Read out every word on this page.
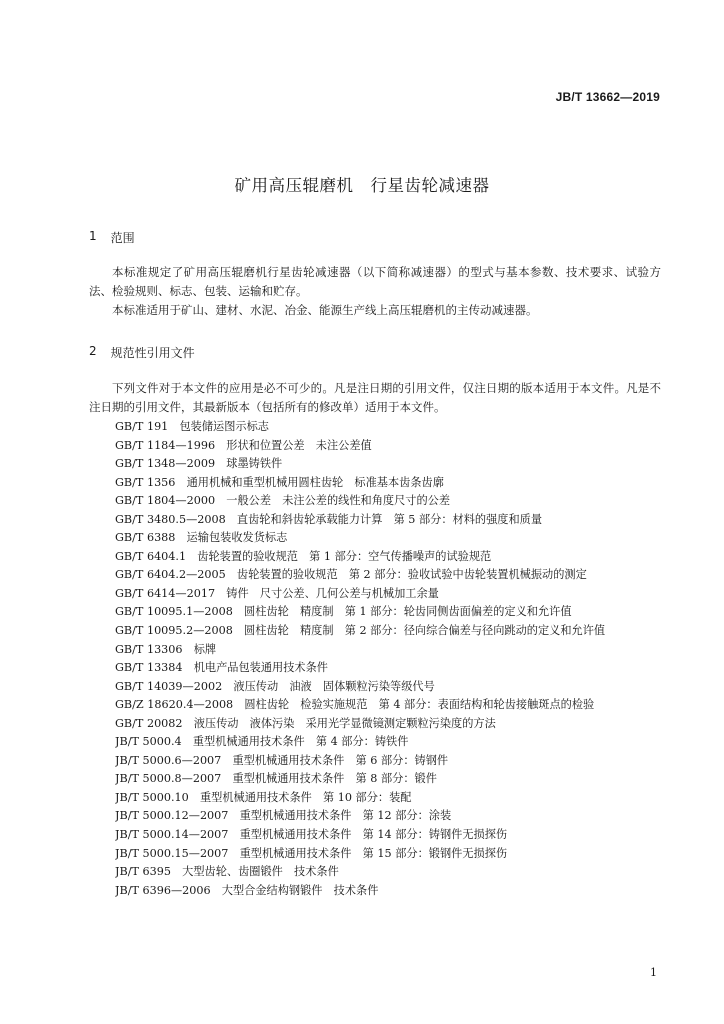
JB/T 13662—2019
矿用高压辊磨机　行星齿轮减速器
1 范围

本标准规定了矿用高压辊磨机行星齿轮减速器（以下简称减速器）的型式与基本参数、技术要求、试验方法、检验规则、标志、包装、运输和贮存。

本标准适用于矿山、建材、水泥、冶金、能源生产线上高压辊磨机的主传动减速器。

2 规范性引用文件

下列文件对于本文件的应用是必不可少的。凡是注日期的引用文件，仅注日期的版本适用于本文件。凡是不注日期的引用文件，其最新版本（包括所有的修改单）适用于本文件。

GB/T 191　包装储运图示标志
GB/T 1184—1996　形状和位置公差　未注公差值
GB/T 1348—2009　球墨铸铁件
GB/T 1356　通用机械和重型机械用圆柱齿轮　标准基本齿条齿廓
GB/T 1804—2000　一般公差　未注公差的线性和角度尺寸的公差
GB/T 3480.5—2008　直齿轮和斜齿轮承载能力计算　第 5 部分：材料的强度和质量
GB/T 6388　运输包装收发货标志
GB/T 6404.1　齿轮装置的验收规范　第 1 部分：空气传播噪声的试验规范
GB/T 6404.2—2005　齿轮装置的验收规范　第 2 部分：验收试验中齿轮装置机械振动的测定
GB/T 6414—2017　铸件　尺寸公差、几何公差与机械加工余量
GB/T 10095.1—2008　圆柱齿轮　精度制　第 1 部分：轮齿同侧齿面偏差的定义和允许值
GB/T 10095.2—2008　圆柱齿轮　精度制　第 2 部分：径向综合偏差与径向跳动的定义和允许值
GB/T 13306　标牌
GB/T 13384　机电产品包装通用技术条件
GB/T 14039—2002　液压传动　油液　固体颗粒污染等级代号
GB/Z 18620.4—2008　圆柱齿轮　检验实施规范　第 4 部分：表面结构和轮齿接触斑点的检验
GB/T 20082　液压传动　液体污染　采用光学显微镜测定颗粒污染度的方法
JB/T 5000.4　重型机械通用技术条件　第 4 部分：铸铁件
JB/T 5000.6—2007　重型机械通用技术条件　第 6 部分：铸钢件
JB/T 5000.8—2007　重型机械通用技术条件　第 8 部分：锻件
JB/T 5000.10　重型机械通用技术条件　第 10 部分：装配
JB/T 5000.12—2007　重型机械通用技术条件　第 12 部分：涂装
JB/T 5000.14—2007　重型机械通用技术条件　第 14 部分：铸钢件无损探伤
JB/T 5000.15—2007　重型机械通用技术条件　第 15 部分：锻钢件无损探伤
JB/T 6395　大型齿轮、齿圈锻件　技术条件
JB/T 6396—2006　大型合金结构钢锻件　技术条件
1
